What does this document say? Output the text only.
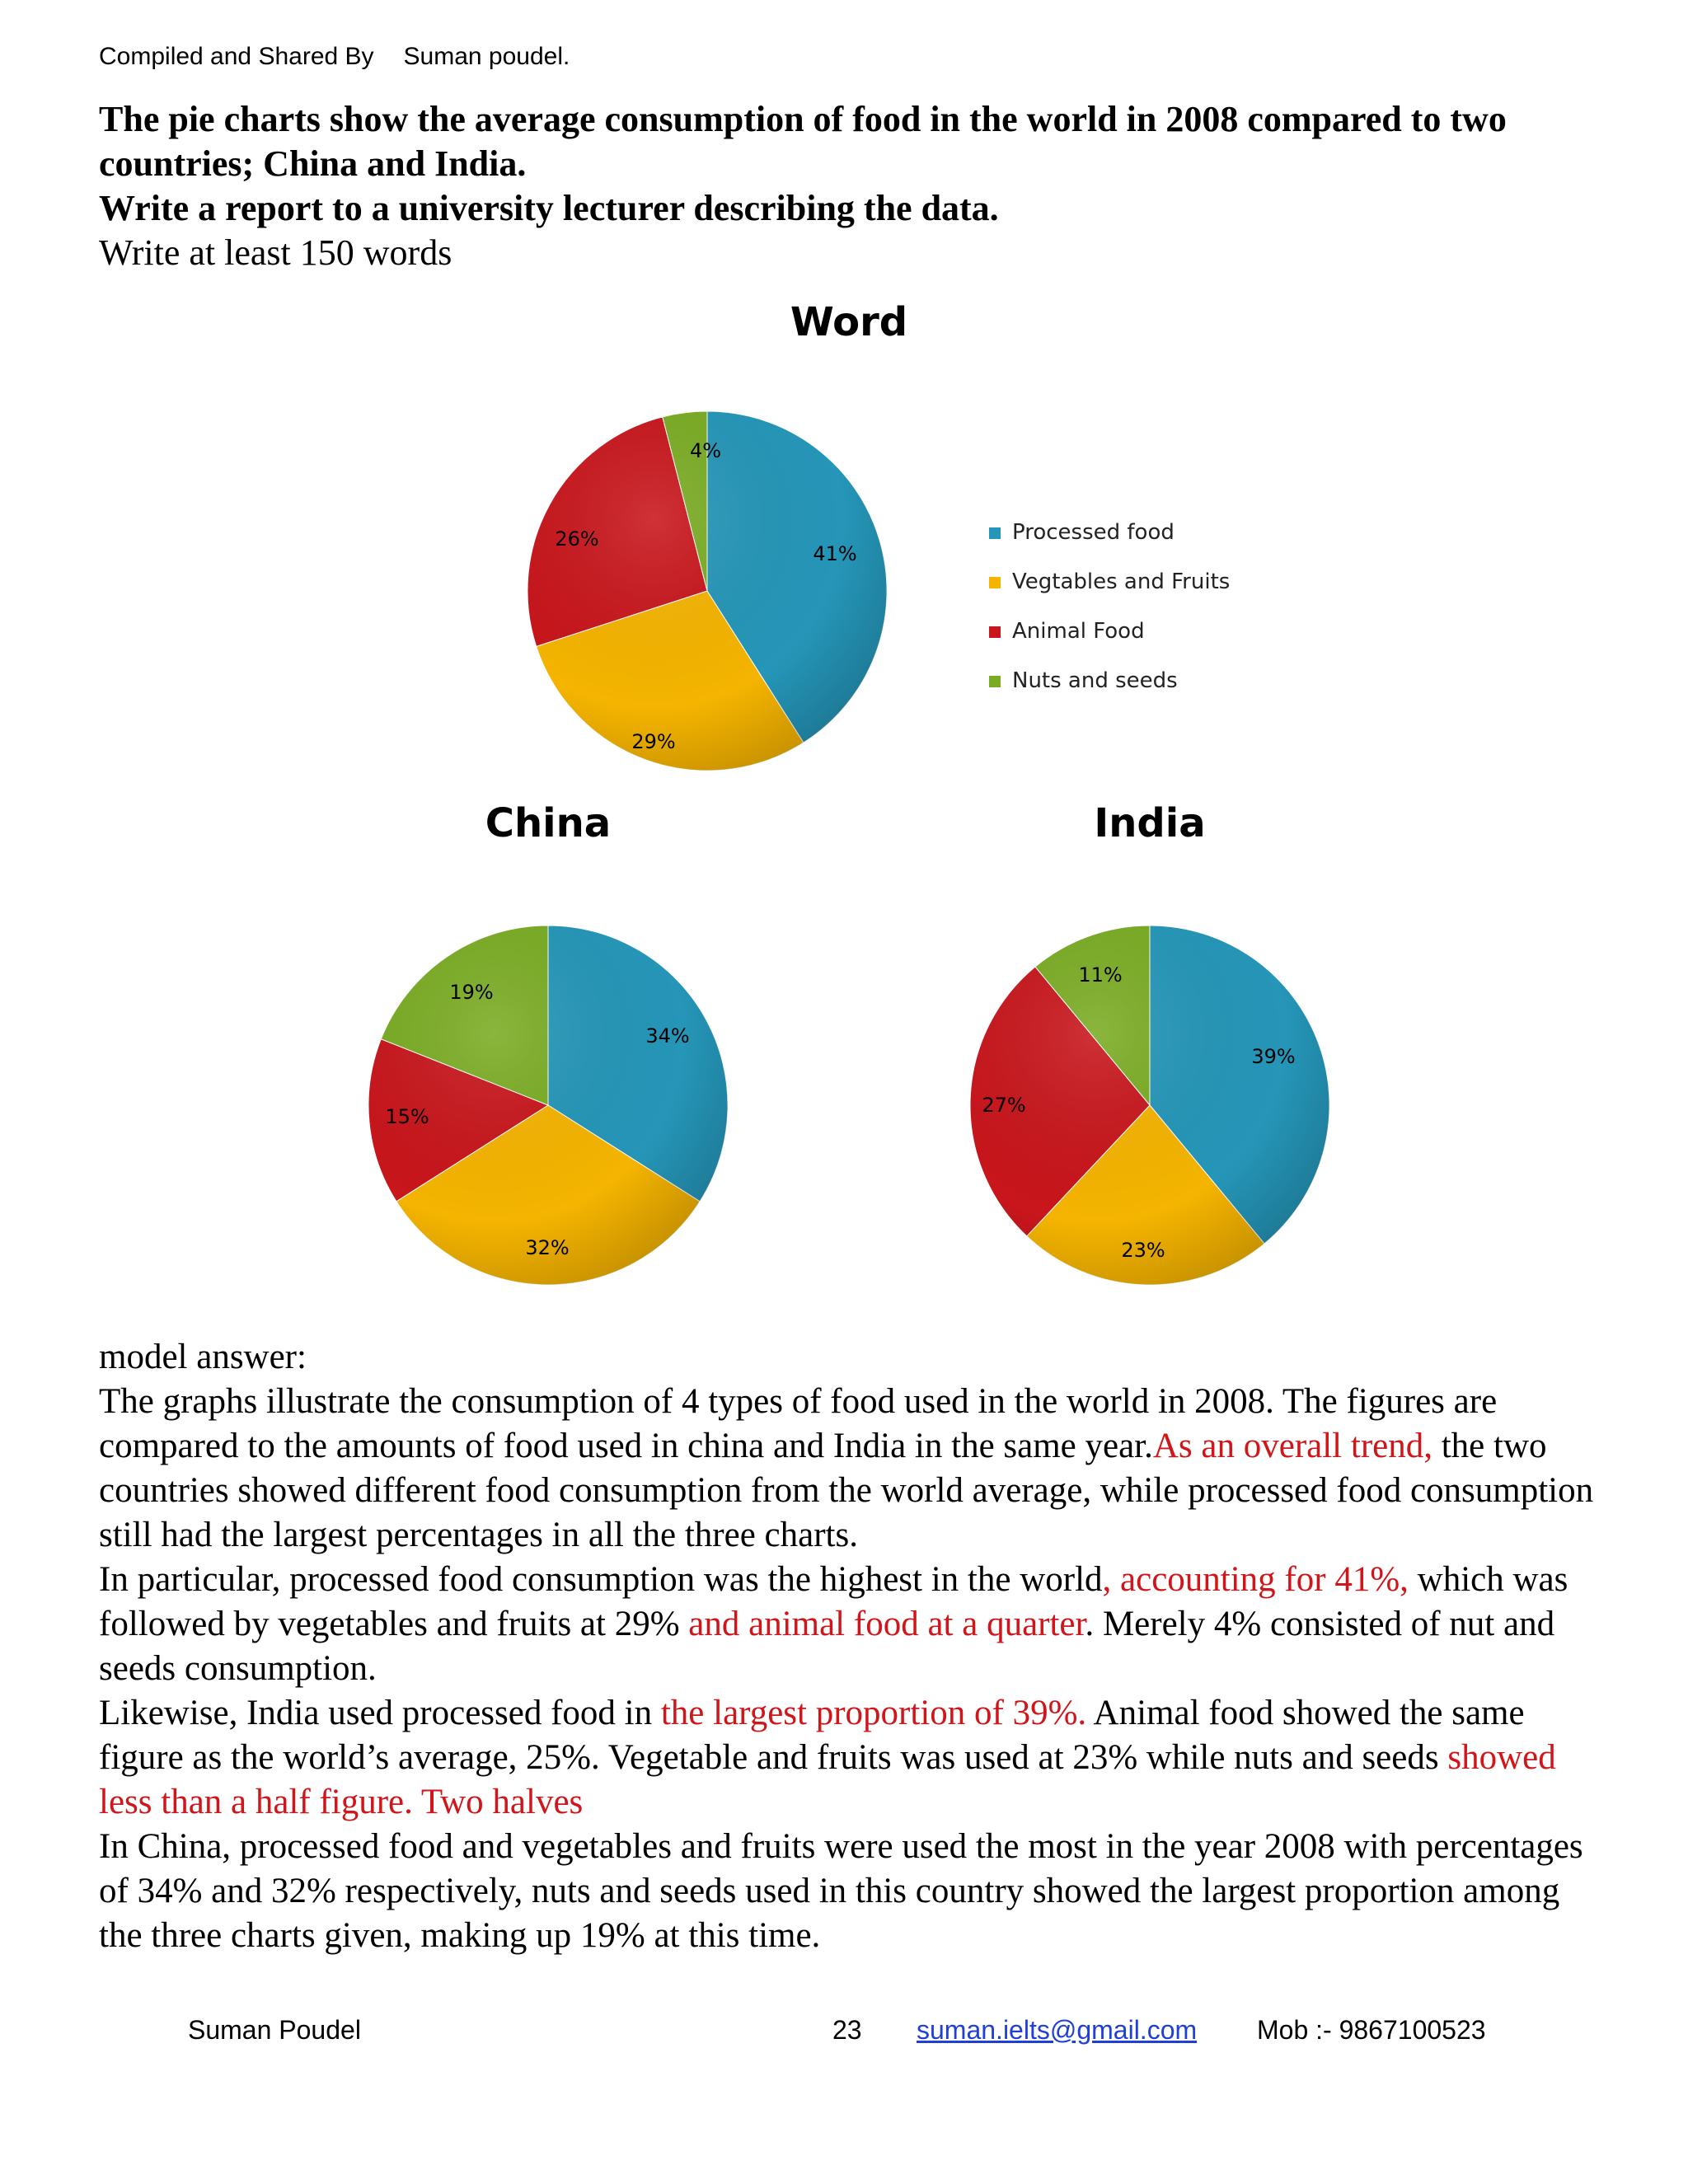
Compiled and Shared By Suman poudel.
The pie charts show the average consumption of food in the world in 2008 compared to two countries; China and India.
Write a report to a university lecturer describing the data.
Write at least 150 words
Word
4%
41%
26%
29%
Processed food
Vegtables and Fruits
Animal Food
Nuts and seeds
China
34%
19%
15%
32%
India
39%
11%
27%
23%

model answer:

The graphs illustrate the consumption of 4 types of food used in the world in 2008. The figures are compared to the amounts of food used in china and India in the same year.As an overall trend, the two countries showed different food consumption from the world average, while processed food consumption still had the largest percentages in all the three charts.

In particular, processed food consumption was the highest in the world, accounting for 41%, which was followed by vegetables and fruits at 29% and animal food at a quarter. Merely 4% consisted of nut and seeds consumption.

Likewise, India used processed food in the largest proportion of 39%. Animal food showed the same figure as the world’s average, 25%. Vegetable and fruits was used at 23% while nuts and seeds showed less than a half figure. Two halves

In China, processed food and vegetables and fruits were used the most in the year 2008 with percentages of 34% and 32% respectively, nuts and seeds used in this country showed the largest proportion among the three charts given, making up 19% at this time.

Suman Poudel	23 suman.ielts@gmail.com Mob :- 9867100523
